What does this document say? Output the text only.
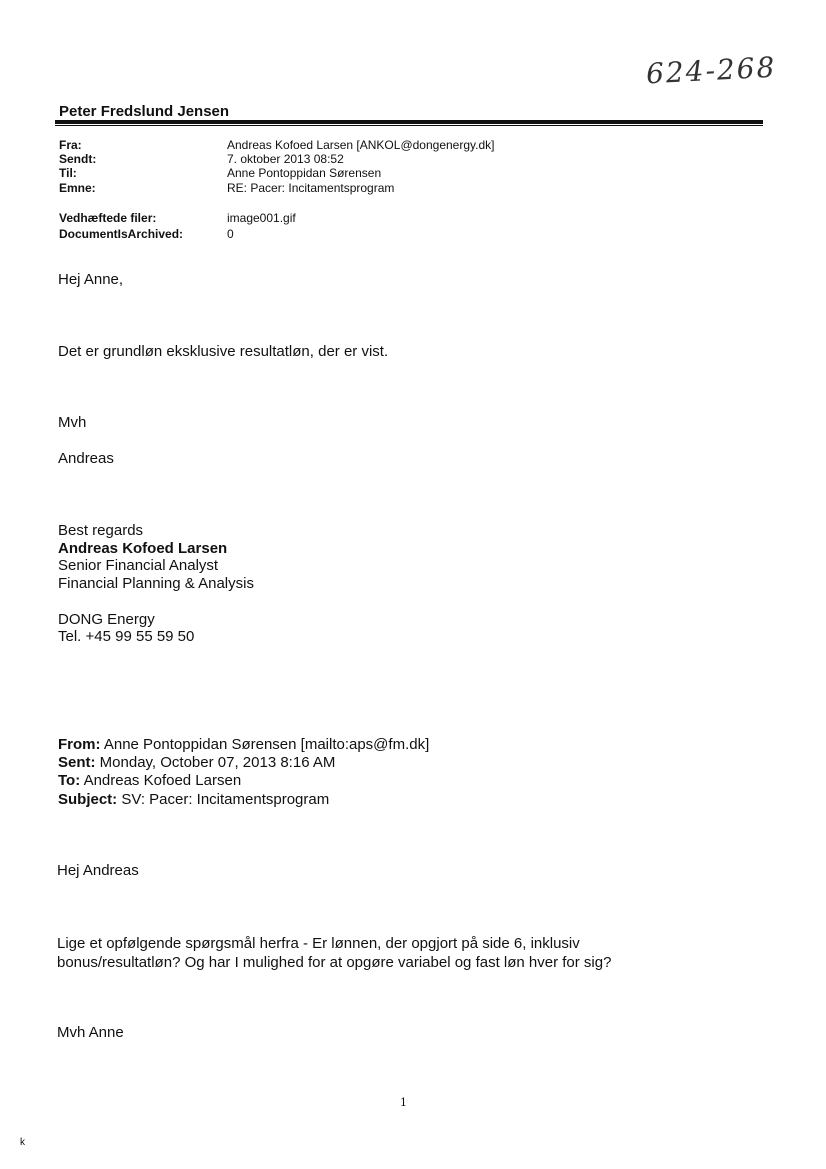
624-268
Peter Fredslund Jensen
Fra:	Andreas Kofoed Larsen [ANKOL@dongenergy.dk]
Sendt:	7. oktober 2013 08:52
Til:	Anne Pontoppidan Sørensen
Emne:	RE: Pacer: Incitamentsprogram
Vedhæftede filer:	image001.gif
DocumentIsArchived:	0
Hej Anne,
Det er grundløn eksklusive resultatløn, der er vist.
Mvh
Andreas
Best regards
Andreas Kofoed Larsen
Senior Financial Analyst
Financial Planning & Analysis
DONG Energy
Tel. +45 99 55 59 50
From: Anne Pontoppidan Sørensen [mailto:aps@fm.dk]
Sent: Monday, October 07, 2013 8:16 AM
To: Andreas Kofoed Larsen
Subject: SV: Pacer: Incitamentsprogram
Hej Andreas
Lige et opfølgende spørgsmål herfra - Er lønnen, der opgjort på side 6, inklusiv
bonus/resultatløn? Og har I mulighed for at opgøre variabel og fast løn hver for sig?
Mvh Anne
1
k
